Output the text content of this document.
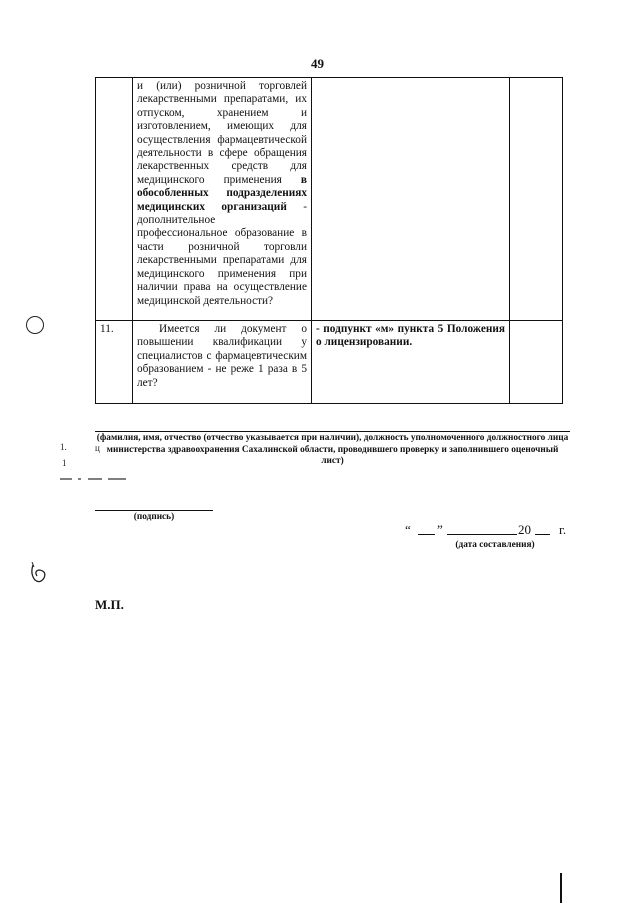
49
	и (или) розничной торговлей лекарственными препаратами, их отпуском, хранением и изготовлением, имеющих для осуществления фармацевтической деятельности в сфере обращения лекарственных средств для медицинского применения в обособленных подразделениях медицинских организаций - дополнительное профессиональное образование в части розничной торговли лекарственными препаратами для медицинского применения при наличии права на осуществление медицинской деятельности?		
11.	Имеется ли документ о повышении квалификации у специалистов с фармацевтическим образованием - не реже 1 раза в 5 лет?	- подпункт «м» пункта 5 Положения о лицензировании.	
(фамилия, имя, отчество (отчество указывается при наличии), должность уполномоченного должностного лица министерства здравоохранения Сахалинской области, проводившего проверку и заполнившего оценочный лист)
(подпись)
“ ”	20 г.
(дата составления)
М.П.
1.
1
ц
